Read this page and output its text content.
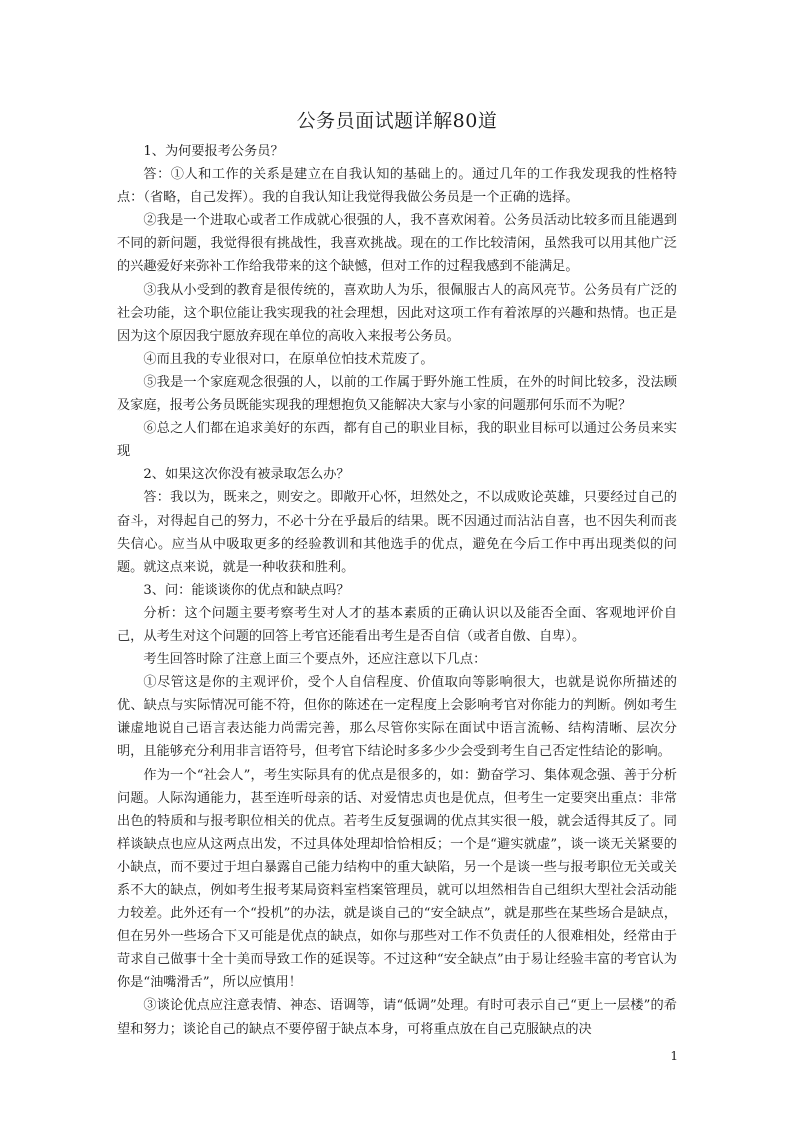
公务员面试题详解80道

1、为何要报考公务员？

答：①人和工作的关系是建立在自我认知的基础上的。通过几年的工作我发现我的性格特点：（省略，自己发挥）。我的自我认知让我觉得我做公务员是一个正确的选择。

②我是一个进取心或者工作成就心很强的人，我不喜欢闲着。公务员活动比较多而且能遇到不同的新问题，我觉得很有挑战性，我喜欢挑战。现在的工作比较清闲，虽然我可以用其他广泛的兴趣爱好来弥补工作给我带来的这个缺憾，但对工作的过程我感到不能满足。

③我从小受到的教育是很传统的，喜欢助人为乐，很佩服古人的高风亮节。公务员有广泛的社会功能，这个职位能让我实现我的社会理想，因此对这项工作有着浓厚的兴趣和热情。也正是因为这个原因我宁愿放弃现在单位的高收入来报考公务员。

④而且我的专业很对口，在原单位怕技术荒废了。

⑤我是一个家庭观念很强的人，以前的工作属于野外施工性质，在外的时间比较多，没法顾及家庭，报考公务员既能实现我的理想抱负又能解决大家与小家的问题那何乐而不为呢？

⑥总之人们都在追求美好的东西，都有自己的职业目标，我的职业目标可以通过公务员来实现

2、如果这次你没有被录取怎么办？

答：我以为，既来之，则安之。即敞开心怀，坦然处之，不以成败论英雄，只要经过自己的奋斗，对得起自己的努力，不必十分在乎最后的结果。既不因通过而沾沾自喜，也不因失利而丧失信心。应当从中吸取更多的经验教训和其他选手的优点，避免在今后工作中再出现类似的问题。就这点来说，就是一种收获和胜利。

3、问：能谈谈你的优点和缺点吗？

分析：这个问题主要考察考生对人才的基本素质的正确认识以及能否全面、客观地评价自己，从考生对这个问题的回答上考官还能看出考生是否自信（或者自傲、自卑）。

考生回答时除了注意上面三个要点外，还应注意以下几点：

①尽管这是你的主观评价，受个人自信程度、价值取向等影响很大，也就是说你所描述的优、缺点与实际情况可能不符，但你的陈述在一定程度上会影响考官对你能力的判断。例如考生谦虚地说自己语言表达能力尚需完善，那么尽管你实际在面试中语言流畅、结构清晰、层次分明，且能够充分利用非言语符号，但考官下结论时多多少少会受到考生自己否定性结论的影响。

作为一个“社会人”，考生实际具有的优点是很多的，如：勤奋学习、集体观念强、善于分析问题。人际沟通能力，甚至连听母亲的话、对爱情忠贞也是优点，但考生一定要突出重点：非常出色的特质和与报考职位相关的优点。若考生反复强调的优点其实很一般，就会适得其反了。同样谈缺点也应从这两点出发，不过具体处理却恰恰相反；一个是“避实就虚”，谈一谈无关紧要的小缺点，而不要过于坦白暴露自己能力结构中的重大缺陷，另一个是谈一些与报考职位无关或关系不大的缺点，例如考生报考某局资料室档案管理员，就可以坦然相告自己组织大型社会活动能力较差。此外还有一个“投机”的办法，就是谈自己的“安全缺点”，就是那些在某些场合是缺点，但在另外一些场合下又可能是优点的缺点，如你与那些对工作不负责任的人很难相处，经常由于苛求自己做事十全十美而导致工作的延误等。不过这种“安全缺点”由于易让经验丰富的考官认为你是“油嘴滑舌”，所以应慎用！

③谈论优点应注意表情、神态、语调等，请“低调”处理。有时可表示自己“更上一层楼”的希望和努力；谈论自己的缺点不要停留于缺点本身，可将重点放在自己克服缺点的决

1
